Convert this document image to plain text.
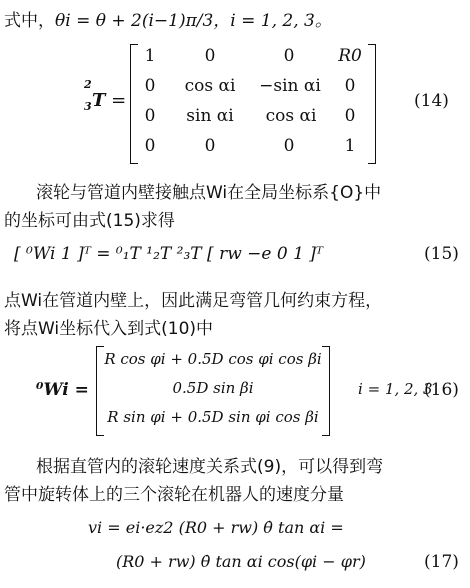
式中，θi = θ + 2(i−1)π/3，i = 1, 2, 3。
2
3 T =
1	0	0	R0
0	cos αi	−sin αi	0
0	sin αi	cos αi	0
0	0	0	1
(14)
滚轮与管道内壁接触点Wi在全局坐标系{O}中
的坐标可由式(15)求得
[ ⁰Wi 1 ]ᵀ = ⁰₁T ¹₂T ²₃T [ rw −e 0 1 ]ᵀ	(15)
点Wi在管道内壁上，因此满足弯管几何约束方程，
将点Wi坐标代入到式(10)中
⁰Wi =
R cos φi + 0.5D cos φi cos βi
0.5D sin βi
R sin φi + 0.5D sin φi cos βi
i = 1, 2, 3
(16)
根据直管内的滚轮速度关系式(9)，可以得到弯
管中旋转体上的三个滚轮在机器人的速度分量
vi = ei·ez2 (R0 + rw) θ̇ tan αi =
(R0 + rw) θ̇ tan αi cos(φi − φr)	(17)
